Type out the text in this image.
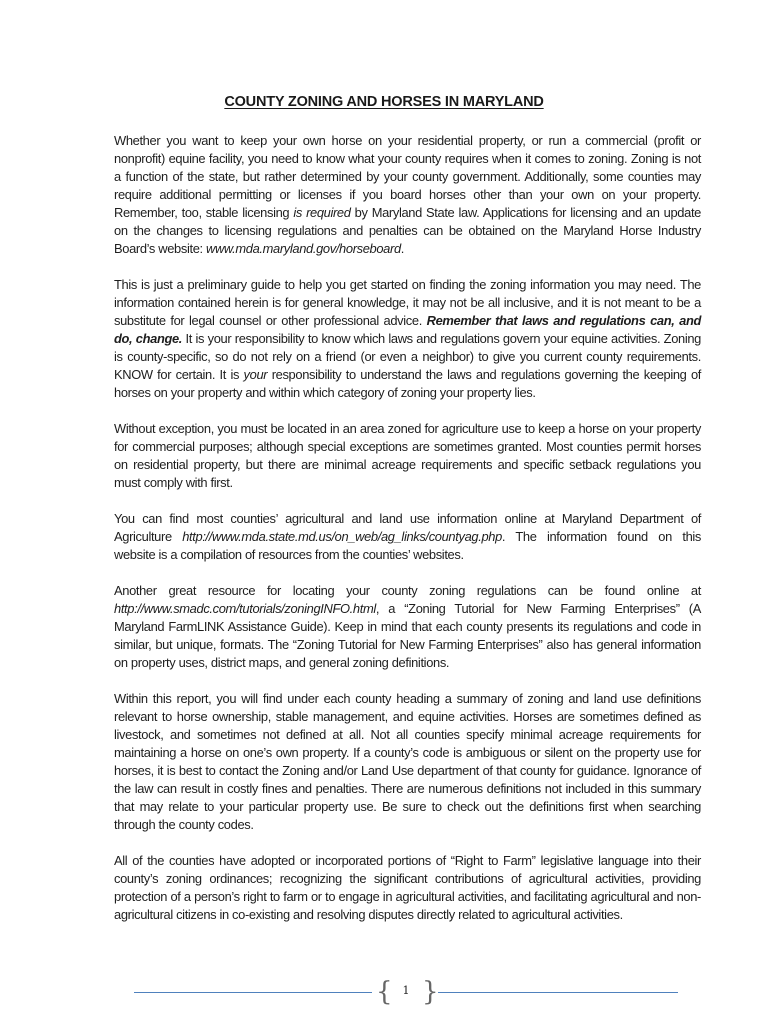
COUNTY ZONING AND HORSES IN MARYLAND

Whether you want to keep your own horse on your residential property, or run a commercial (profit or nonprofit) equine facility, you need to know what your county requires when it comes to zoning. Zoning is not a function of the state, but rather determined by your county government. Additionally, some counties may require additional permitting or licenses if you board horses other than your own on your property. Remember, too, stable licensing is required by Maryland State law. Applications for licensing and an update on the changes to licensing regulations and penalties can be obtained on the Maryland Horse Industry Board’s website: www.mda.maryland.gov/horseboard.

This is just a preliminary guide to help you get started on finding the zoning information you may need. The information contained herein is for general knowledge, it may not be all inclusive, and it is not meant to be a substitute for legal counsel or other professional advice. Remember that laws and regulations can, and do, change. It is your responsibility to know which laws and regulations govern your equine activities. Zoning is county-specific, so do not rely on a friend (or even a neighbor) to give you current county requirements. KNOW for certain. It is your responsibility to understand the laws and regulations governing the keeping of horses on your property and within which category of zoning your property lies.

Without exception, you must be located in an area zoned for agriculture use to keep a horse on your property for commercial purposes; although special exceptions are sometimes granted. Most counties permit horses on residential property, but there are minimal acreage requirements and specific setback regulations you must comply with first.

You can find most counties’ agricultural and land use information online at Maryland Department of Agriculture http://www.mda.state.md.us/on_web/ag_links/countyag.php. The information found on this website is a compilation of resources from the counties’ websites.

Another great resource for locating your county zoning regulations can be found online at http://www.smadc.com/tutorials/zoningINFO.html, a “Zoning Tutorial for New Farming Enterprises” (A Maryland FarmLINK Assistance Guide). Keep in mind that each county presents its regulations and code in similar, but unique, formats. The “Zoning Tutorial for New Farming Enterprises” also has general information on property uses, district maps, and general zoning definitions.

Within this report, you will find under each county heading a summary of zoning and land use definitions relevant to horse ownership, stable management, and equine activities. Horses are sometimes defined as livestock, and sometimes not defined at all. Not all counties specify minimal acreage requirements for maintaining a horse on one’s own property. If a county’s code is ambiguous or silent on the property use for horses, it is best to contact the Zoning and/or Land Use department of that county for guidance. Ignorance of the law can result in costly fines and penalties. There are numerous definitions not included in this summary that may relate to your particular property use. Be sure to check out the definitions first when searching through the county codes.

All of the counties have adopted or incorporated portions of “Right to Farm” legislative language into their county’s zoning ordinances; recognizing the significant contributions of agricultural activities, providing protection of a person’s right to farm or to engage in agricultural activities, and facilitating agricultural and non-agricultural citizens in co-existing and resolving disputes directly related to agricultural activities.

{ 1 }
